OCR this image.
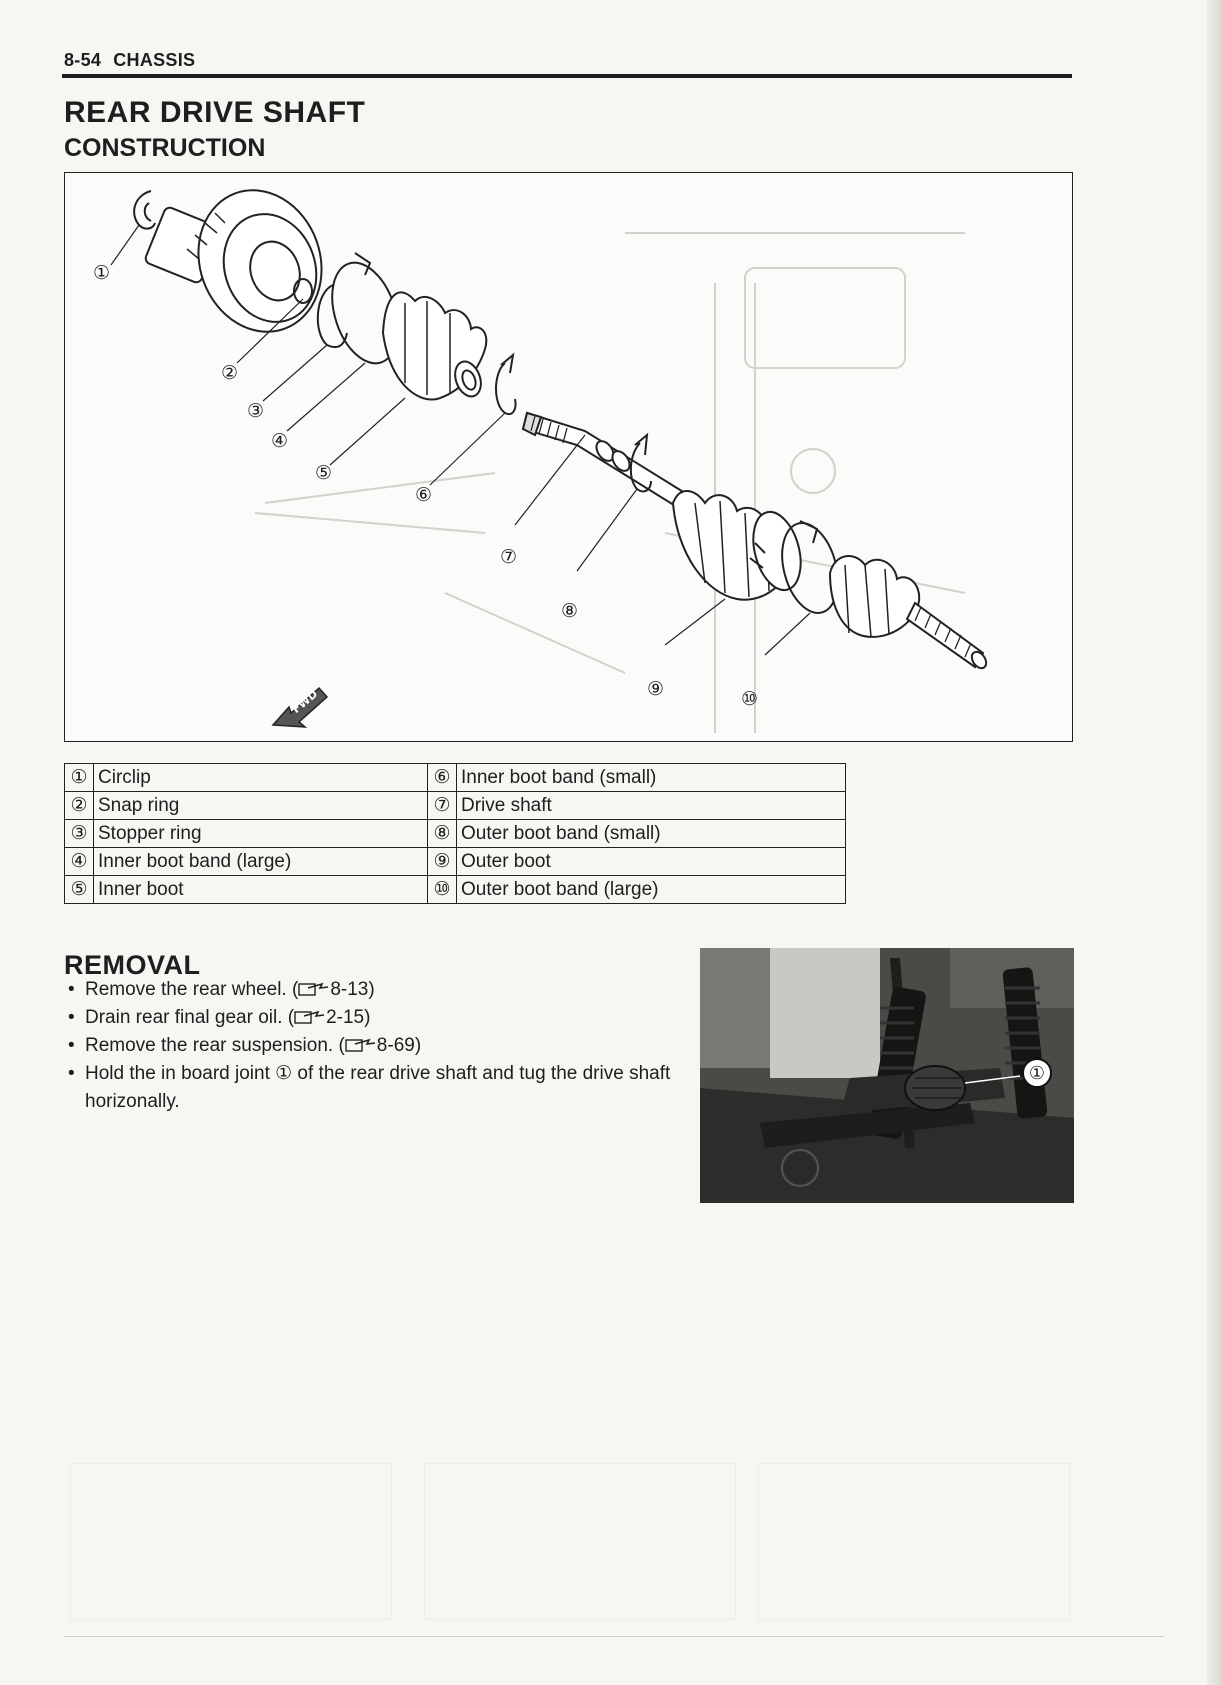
8-54 CHASSIS
REAR DRIVE SHAFT
CONSTRUCTION
①
②
③
④
⑤
⑥
⑦
⑧
⑨	⑩
FWD
①	Circlip	⑥	Inner boot band (small)
②	Snap ring	⑦	Drive shaft
③	Stopper ring	⑧	Outer boot band (small)
④	Inner boot band (large)	⑨	Outer boot
⑤	Inner boot	⑩	Outer boot band (large)
REMOVAL
• Remove the rear wheel. ( 8-13)
• Drain rear final gear oil. ( 2-15)
• Remove the rear suspension. ( 8-69)
• Hold the in board joint ① of the rear drive shaft and tug the drive shaft horizonally.
①
